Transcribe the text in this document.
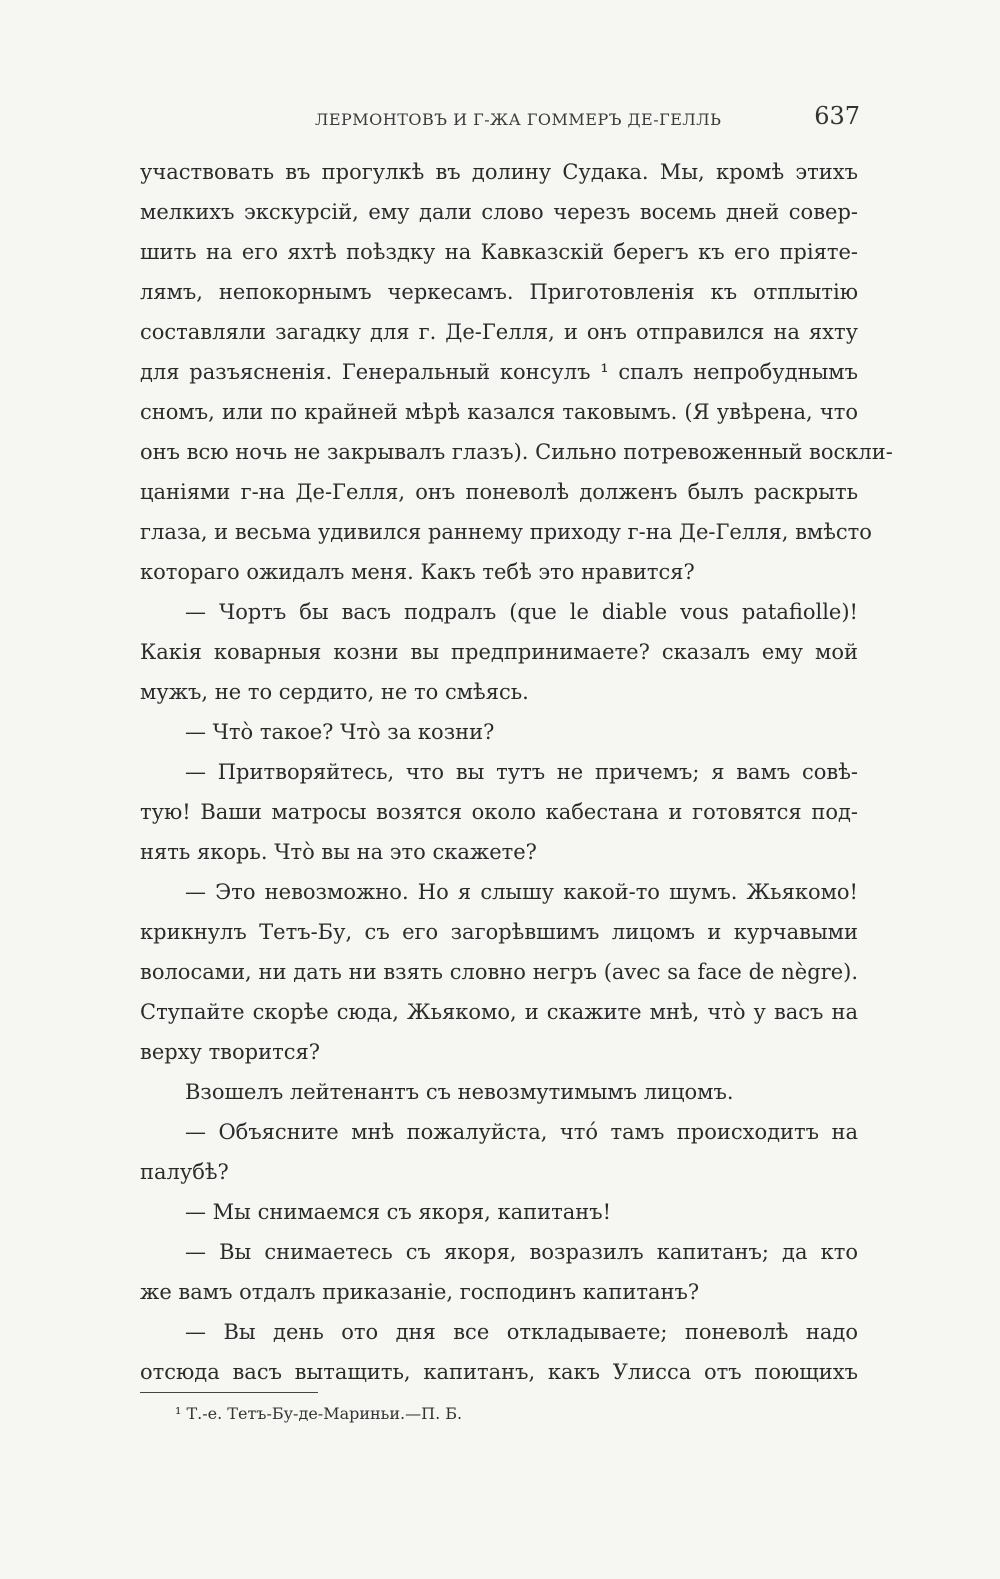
ЛЕРМОНТОВЪ И Г-ЖА ГОММЕРЪ ДЕ-ГЕЛЛЬ	637
участвовать въ прогулкѣ въ долину Судака. Мы, кромѣ этихъ
мелкихъ экскурсій, ему дали слово черезъ восемь дней совер-
шить на его яхтѣ поѣздку на Кавказскій берегъ къ его пріяте-
лямъ, непокорнымъ черкесамъ. Приготовленія къ отплытію
составляли загадку для г. Де-Гелля, и онъ отправился на яхту
для разъясненія. Генеральный консулъ ¹ спалъ непробуднымъ
сномъ, или по крайней мѣрѣ казался таковымъ. (Я увѣрена, что
онъ всю ночь не закрывалъ глазъ). Сильно потревоженный воскли-
цаніями г-на Де-Гелля, онъ поневолѣ долженъ былъ раскрыть
глаза, и весьма удивился раннему приходу г-на Де-Гелля, вмѣсто
котораго ожидалъ меня. Какъ тебѣ это нравится?
— Чортъ бы васъ подралъ (que le diable vous patafiolle)!
Какія коварныя козни вы предпринимаете? сказалъ ему мой
мужъ, не то сердито, не то смѣясь.
— Что̀ такое? Что̀ за козни?
— Притворяйтесь, что вы тутъ не причемъ; я вамъ совѣ-
тую! Ваши матросы возятся около кабестана и готовятся под-
нять якорь. Что̀ вы на это скажете?
— Это невозможно. Но я слышу какой-то шумъ. Жьякомо!
крикнулъ Тетъ-Бу, съ его загорѣвшимъ лицомъ и курчавыми
волосами, ни дать ни взять словно негръ (avec sa face de nègre).
Ступайте скорѣе сюда, Жьякомо, и скажите мнѣ, что̀ у васъ на
верху творится?
Взошелъ лейтенантъ съ невозмутимымъ лицомъ.
— Объясните мнѣ пожалуйста, что́ тамъ происходитъ на
палубѣ?
— Мы снимаемся съ якоря, капитанъ!
— Вы снимаетесь съ якоря, возразилъ капитанъ; да кто
же вамъ отдалъ приказаніе, господинъ капитанъ?
— Вы день ото дня все откладываете; поневолѣ надо
отсюда васъ вытащить, капитанъ, какъ Улисса отъ поющихъ
¹ Т.-е. Тетъ-Бу-де-Мариньи.—П. Б.
